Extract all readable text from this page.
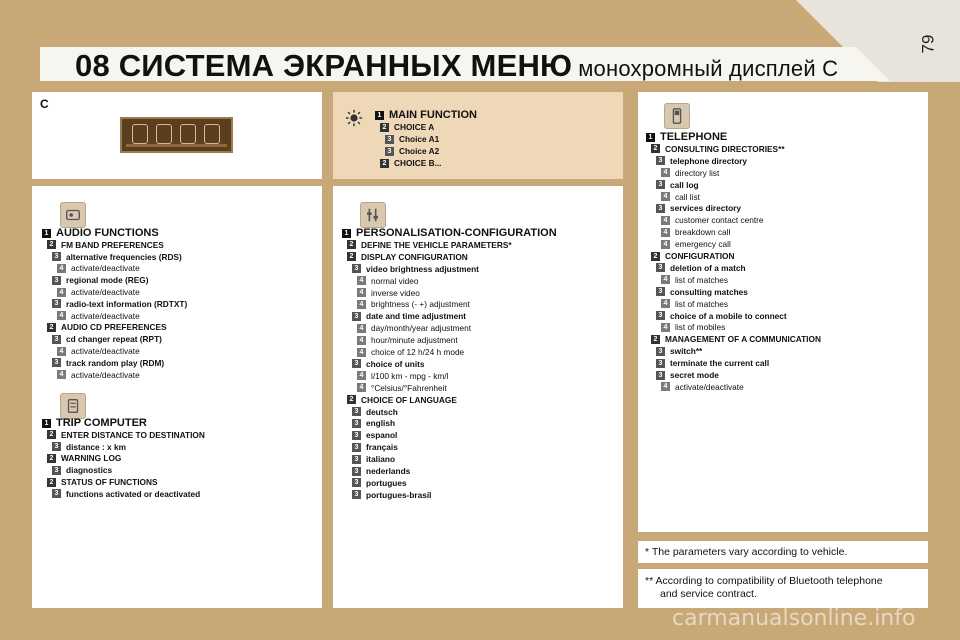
79
08 СИСТЕМА ЭКРАННЫХ МЕНЮ монохромный дисплей С
C
1 MAIN FUNCTION
2 CHOICE A
3 Choice A1
3 Choice A2
2 CHOICE B...
1 AUDIO FUNCTIONS
2 FM BAND PREFERENCES
3 alternative frequencies (RDS)
4 activate/deactivate
3 regional mode (REG)
4 activate/deactivate
3 radio-text information (RDTXT)
4 activate/deactivate
2 AUDIO CD PREFERENCES
3 cd changer repeat (RPT)
4 activate/deactivate
3 track random play (RDM)
4 activate/deactivate
1 TRIP COMPUTER
2 ENTER DISTANCE TO DESTINATION
3 distance : x km
2 WARNING LOG
3 diagnostics
2 STATUS OF FUNCTIONS
3 functions activated or deactivated
1 PERSONALISATION-CONFIGURATION
2 DEFINE THE VEHICLE PARAMETERS*
2 DISPLAY CONFIGURATION
3 video brightness adjustment
4 normal video
4 inverse video
4 brightness (- +) adjustment
3 date and time adjustment
4 day/month/year adjustment
4 hour/minute adjustment
4 choice of 12 h/24 h mode
3 choice of units
4 l/100 km - mpg - km/l
4 °Celsius/°Fahrenheit
2 CHOICE OF LANGUAGE
3 deutsch
3 english
3 espanol
3 français
3 italiano
3 nederlands
3 portugues
3 portugues-brasil
1 TELEPHONE
2 CONSULTING DIRECTORIES**
3 telephone directory
4 directory list
3 call log
4 call list
3 services directory
4 customer contact centre
4 breakdown call
4 emergency call
2 CONFIGURATION
3 deletion of a match
4 list of matches
3 consulting matches
4 list of matches
3 choice of a mobile to connect
4 list of mobiles
2 MANAGEMENT OF A COMMUNICATION
3 switch**
3 terminate the current call
3 secret mode
4 activate/deactivate
* The parameters vary according to vehicle.
** According to compatibility of Bluetooth telephone
and service contract.
carmanualsonline.info
